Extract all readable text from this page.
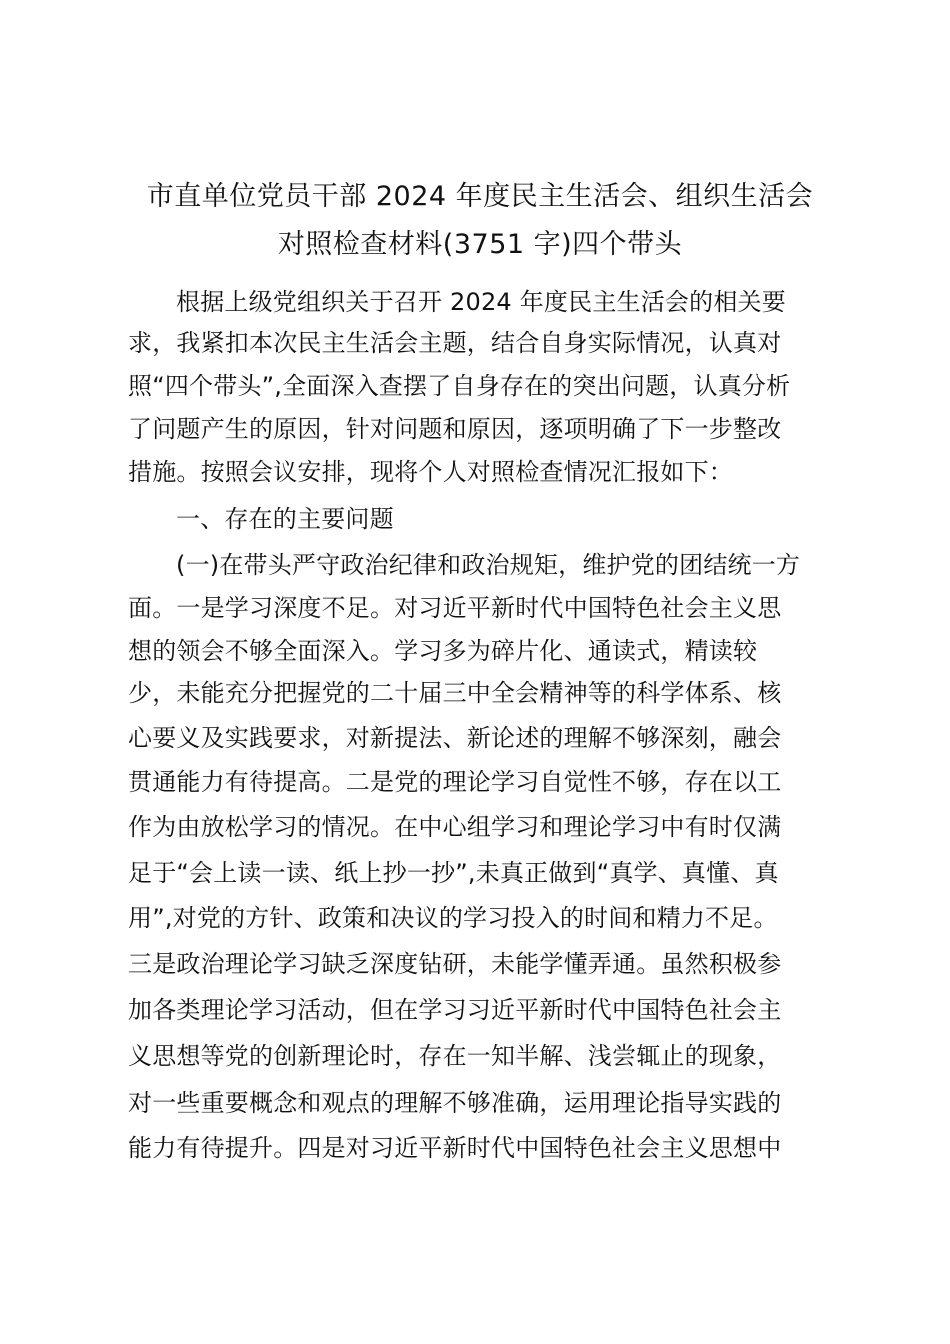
市直单位党员干部 2024 年度民主生活会、组织生活会
对照检查材料(3751 字)四个带头
根据上级党组织关于召开 2024 年度民主生活会的相关要
求，我紧扣本次民主生活会主题，结合自身实际情况，认真对
照“四个带头”,全面深入查摆了自身存在的突出问题，认真分析
了问题产生的原因，针对问题和原因，逐项明确了下一步整改
措施。按照会议安排，现将个人对照检查情况汇报如下：
一、存在的主要问题
(一)在带头严守政治纪律和政治规矩，维护党的团结统一方
面。一是学习深度不足。对习近平新时代中国特色社会主义思
想的领会不够全面深入。学习多为碎片化、通读式，精读较
少，未能充分把握党的二十届三中全会精神等的科学体系、核
心要义及实践要求，对新提法、新论述的理解不够深刻，融会
贯通能力有待提高。二是党的理论学习自觉性不够，存在以工
作为由放松学习的情况。在中心组学习和理论学习中有时仅满
足于“会上读一读、纸上抄一抄”,未真正做到“真学、真懂、真
用”,对党的方针、政策和决议的学习投入的时间和精力不足。
三是政治理论学习缺乏深度钻研，未能学懂弄通。虽然积极参
加各类理论学习活动，但在学习习近平新时代中国特色社会主
义思想等党的创新理论时，存在一知半解、浅尝辄止的现象，
对一些重要概念和观点的理解不够准确，运用理论指导实践的
能力有待提升。四是对习近平新时代中国特色社会主义思想中
